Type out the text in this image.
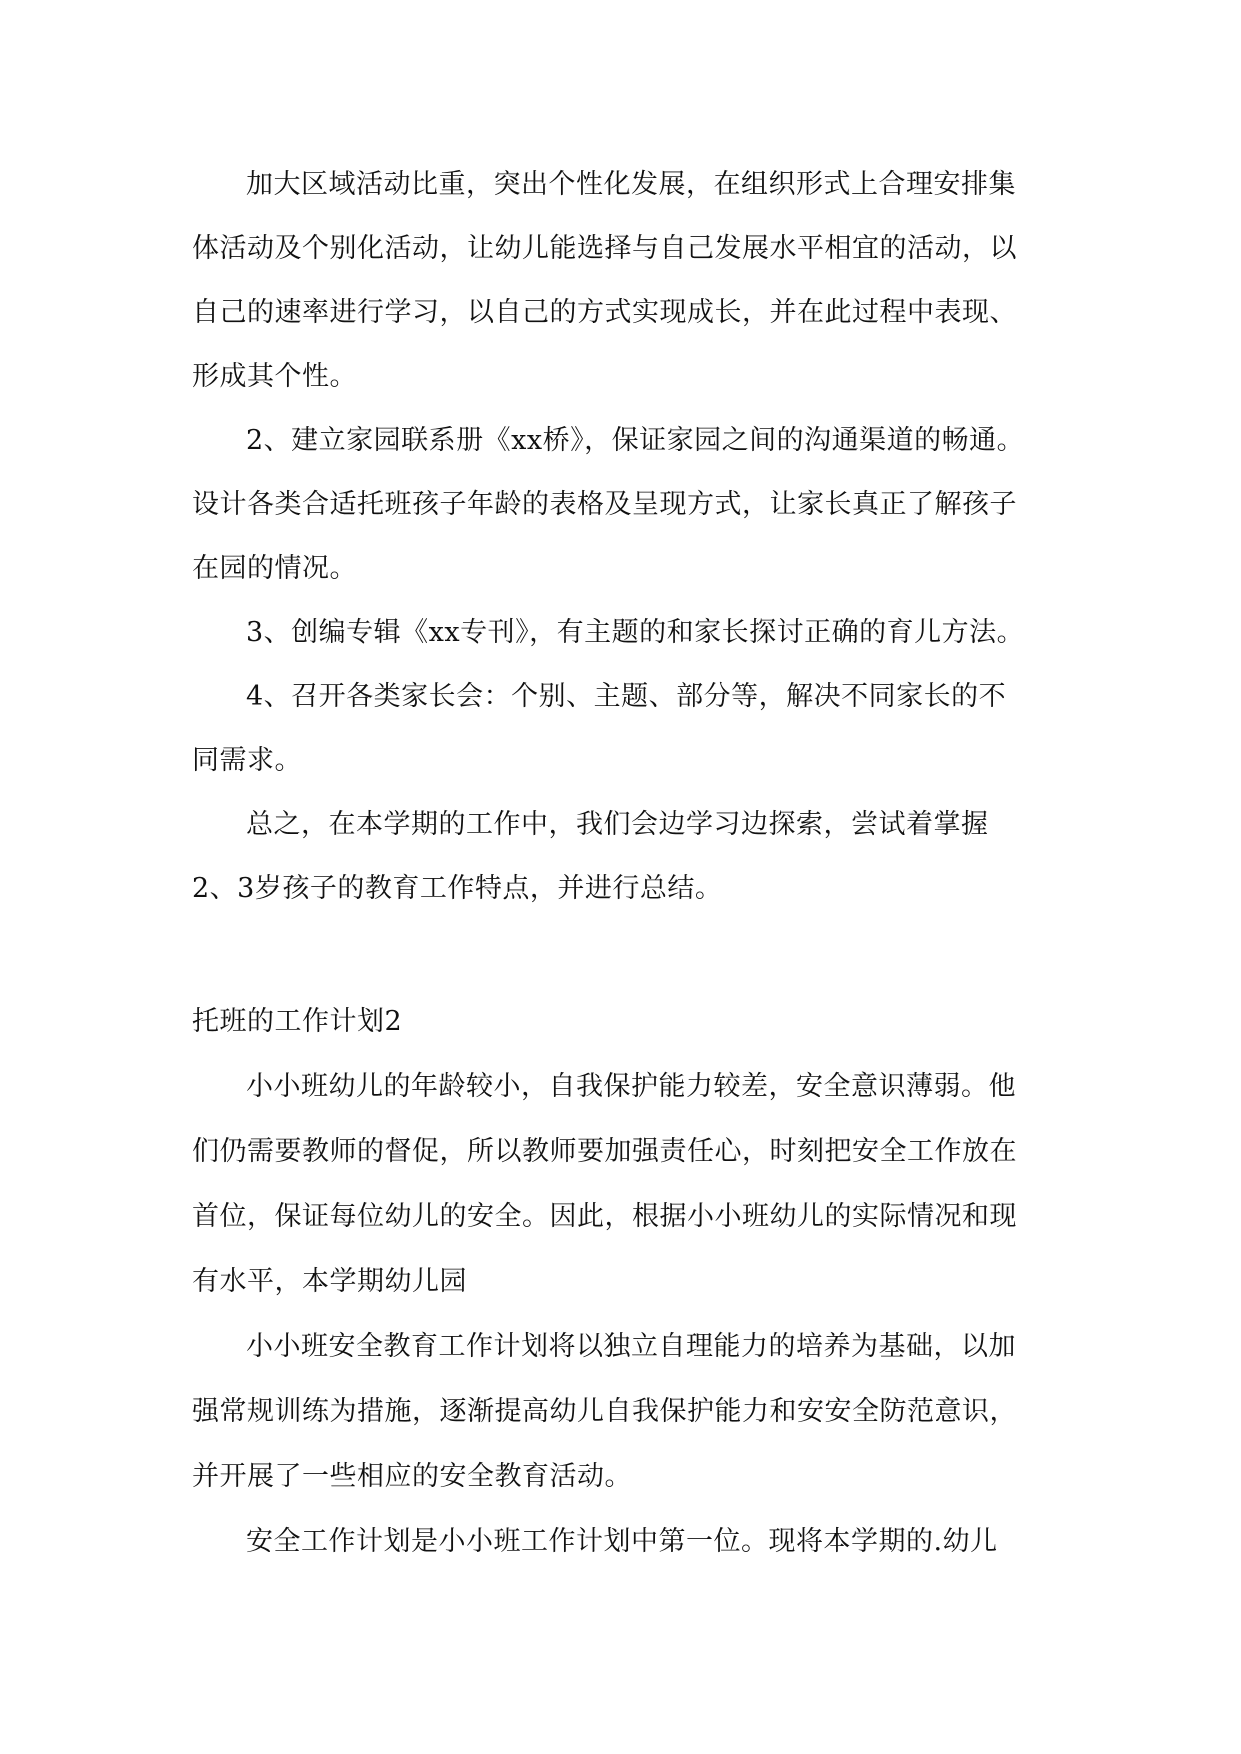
加大区域活动比重，突出个性化发展，在组织形式上合理安排集
体活动及个别化活动，让幼儿能选择与自己发展水平相宜的活动，以
自己的速率进行学习，以自己的方式实现成长，并在此过程中表现、
形成其个性。
2、建立家园联系册《xx桥》，保证家园之间的沟通渠道的畅通。
设计各类合适托班孩子年龄的表格及呈现方式，让家长真正了解孩子
在园的情况。
3、创编专辑《xx专刊》，有主题的和家长探讨正确的育儿方法。
4、召开各类家长会：个别、主题、部分等，解决不同家长的不
同需求。
总之，在本学期的工作中，我们会边学习边探索，尝试着掌握
2、3岁孩子的教育工作特点，并进行总结。
托班的工作计划2
小小班幼儿的年龄较小，自我保护能力较差，安全意识薄弱。他
们仍需要教师的督促，所以教师要加强责任心，时刻把安全工作放在
首位，保证每位幼儿的安全。因此，根据小小班幼儿的实际情况和现
有水平，本学期幼儿园
小小班安全教育工作计划将以独立自理能力的培养为基础，以加
强常规训练为措施，逐渐提高幼儿自我保护能力和安安全防范意识，
并开展了一些相应的安全教育活动。
安全工作计划是小小班工作计划中第一位。现将本学期的.幼儿
